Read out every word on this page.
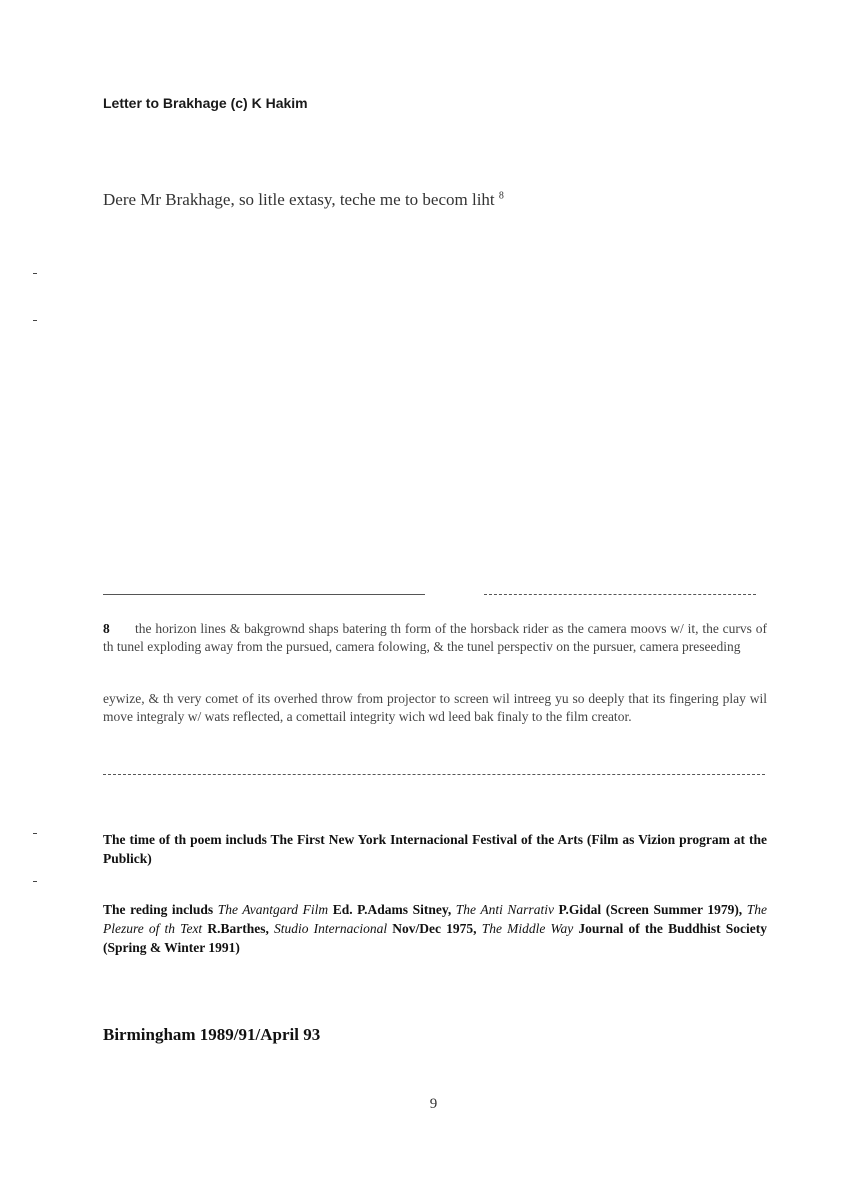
Letter to Brakhage (c) K Hakim
Dere Mr Brakhage, so litle extasy, teche me to becom liht $^8$
8 the horizon lines & bakgrownd shaps batering th form of the horsback rider as the camera moovs w/ it, the curvs of th tunel exploding away from the pursued, camera folowing, & the tunel perspectiv on the pursuer, camera preseeding
eywize, & th very comet of its overhed throw from projector to screen wil intreeg yu so deeply that its fingering play wil move integraly w/ wats reflected, a comettail integrity wich wd leed bak finaly to the film creator.
The time of th poem includs The First New York Internacional Festival of the Arts (Film as Vizion program at the Publick)
The reding includs The Avantgard Film Ed. P.Adams Sitney, The Anti Narrativ P.Gidal (Screen Summer 1979), The Plezure of th Text R.Barthes, Studio Internacional Nov/Dec 1975, The Middle Way Journal of the Buddhist Society (Spring & Winter 1991)
Birmingham 1989/91/April 93
9
